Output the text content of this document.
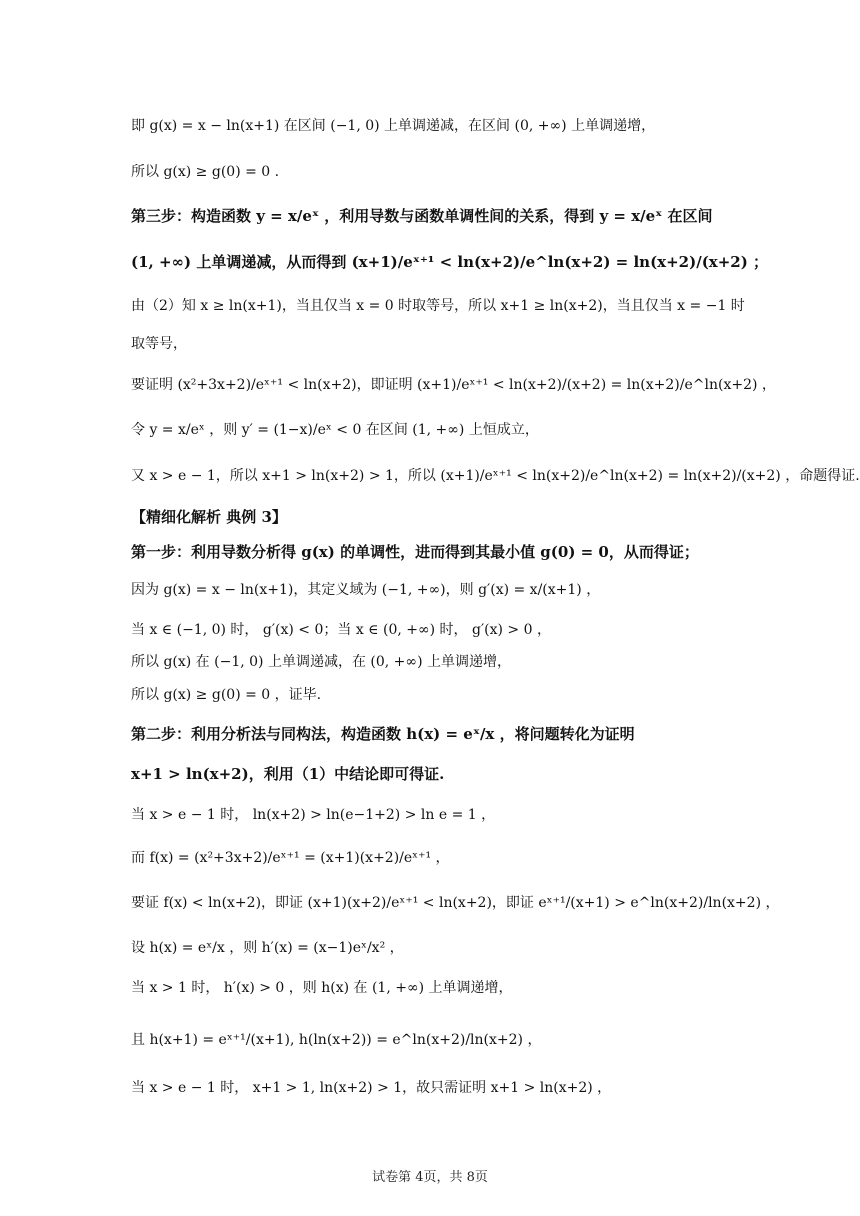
即 g(x) = x − ln(x+1) 在区间 (−1, 0) 上单调递减，在区间 (0, +∞) 上单调递增，
所以 g(x) ≥ g(0) = 0 .
第三步：构造函数 y = x/eˣ ，利用导数与函数单调性间的关系，得到 y = x/eˣ 在区间
(1, +∞) 上单调递减，从而得到 (x+1)/eˣ⁺¹ < ln(x+2)/e^ln(x+2) = ln(x+2)/(x+2) ；
由（2）知 x ≥ ln(x+1)，当且仅当 x = 0 时取等号，所以 x+1 ≥ ln(x+2)，当且仅当 x = −1 时
取等号，
要证明 (x²+3x+2)/eˣ⁺¹ < ln(x+2)，即证明 (x+1)/eˣ⁺¹ < ln(x+2)/(x+2) = ln(x+2)/e^ln(x+2) ，
令 y = x/eˣ ，则 y′ = (1−x)/eˣ < 0 在区间 (1, +∞) 上恒成立，
又 x > e − 1，所以 x+1 > ln(x+2) > 1，所以 (x+1)/eˣ⁺¹ < ln(x+2)/e^ln(x+2) = ln(x+2)/(x+2) ，命题得证.
【精细化解析 典例 3】
第一步：利用导数分析得 g(x) 的单调性，进而得到其最小值 g(0) = 0，从而得证；
因为 g(x) = x − ln(x+1)，其定义域为 (−1, +∞)，则 g′(x) = x/(x+1) ，
当 x ∈ (−1, 0) 时， g′(x) < 0；当 x ∈ (0, +∞) 时， g′(x) > 0 ，
所以 g(x) 在 (−1, 0) 上单调递减，在 (0, +∞) 上单调递增，
所以 g(x) ≥ g(0) = 0 ，证毕.
第二步：利用分析法与同构法，构造函数 h(x) = eˣ/x ，将问题转化为证明
x+1 > ln(x+2)，利用（1）中结论即可得证.
当 x > e − 1 时， ln(x+2) > ln(e−1+2) > ln e = 1 ，
而 f(x) = (x²+3x+2)/eˣ⁺¹ = (x+1)(x+2)/eˣ⁺¹ ，
要证 f(x) < ln(x+2)，即证 (x+1)(x+2)/eˣ⁺¹ < ln(x+2)，即证 eˣ⁺¹/(x+1) > e^ln(x+2)/ln(x+2) ，
设 h(x) = eˣ/x ，则 h′(x) = (x−1)eˣ/x² ，
当 x > 1 时， h′(x) > 0 ，则 h(x) 在 (1, +∞) 上单调递增，
且 h(x+1) = eˣ⁺¹/(x+1), h(ln(x+2)) = e^ln(x+2)/ln(x+2) ，
当 x > e − 1 时， x+1 > 1, ln(x+2) > 1，故只需证明 x+1 > ln(x+2) ，
试卷第 4页，共 8页
